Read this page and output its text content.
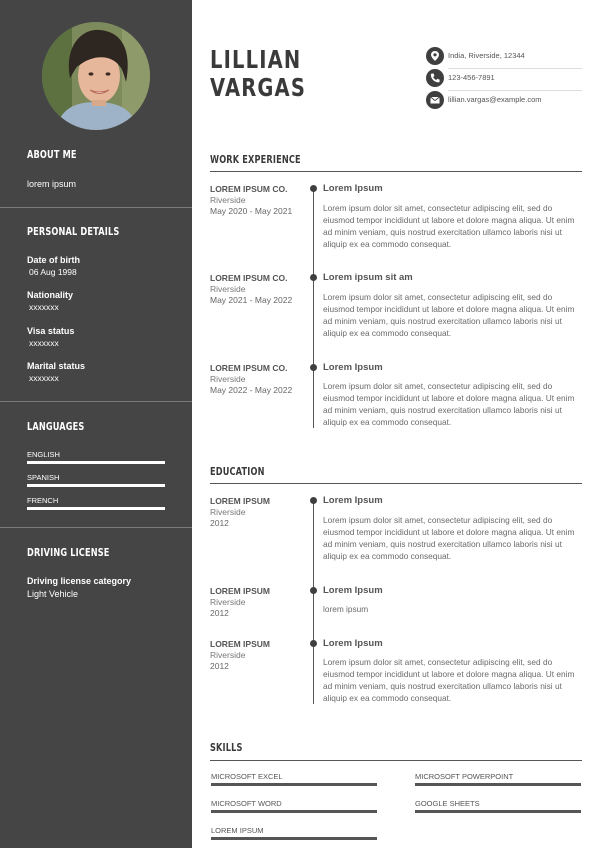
ABOUT ME
lorem ipsum
PERSONAL DETAILS
Date of birth
06 Aug 1998
Nationality
xxxxxxx
Visa status
xxxxxxx
Marital status
xxxxxxx
LANGUAGES
ENGLISH
SPANISH
FRENCH
DRIVING LICENSE
Driving license category
Light Vehicle
LILLIAN
VARGAS
India, Riverside, 12344
123-456-7891
lillian.vargas@example.com
WORK EXPERIENCE
LOREM IPSUM CO.
Riverside
May 2020 - May 2021
Lorem Ipsum
Lorem ipsum dolor sit amet, consectetur adipiscing elit, sed do eiusmod tempor incididunt ut labore et dolore magna aliqua. Ut enim ad minim veniam, quis nostrud exercitation ullamco laboris nisi ut aliquip ex ea commodo consequat.
LOREM IPSUM CO.
Riverside
May 2021 - May 2022
Lorem ipsum sit am
Lorem ipsum dolor sit amet, consectetur adipiscing elit, sed do eiusmod tempor incididunt ut labore et dolore magna aliqua. Ut enim ad minim veniam, quis nostrud exercitation ullamco laboris nisi ut aliquip ex ea commodo consequat.
LOREM IPSUM CO.
Riverside
May 2022 - May 2022
Lorem Ipsum
Lorem ipsum dolor sit amet, consectetur adipiscing elit, sed do eiusmod tempor incididunt ut labore et dolore magna aliqua. Ut enim ad minim veniam, quis nostrud exercitation ullamco laboris nisi ut aliquip ex ea commodo consequat.
EDUCATION
LOREM IPSUM
Riverside
2012
Lorem Ipsum
Lorem ipsum dolor sit amet, consectetur adipiscing elit, sed do eiusmod tempor incididunt ut labore et dolore magna aliqua. Ut enim ad minim veniam, quis nostrud exercitation ullamco laboris nisi ut aliquip ex ea commodo consequat.
LOREM IPSUM
Riverside
2012
Lorem Ipsum
lorem ipsum
LOREM IPSUM
Riverside
2012
Lorem Ipsum
Lorem ipsum dolor sit amet, consectetur adipiscing elit, sed do eiusmod tempor incididunt ut labore et dolore magna aliqua. Ut enim ad minim veniam, quis nostrud exercitation ullamco laboris nisi ut aliquip ex ea commodo consequat.
SKILLS
MICROSOFT EXCEL	MICROSOFT POWERPOINT
MICROSOFT WORD	GOOGLE SHEETS
LOREM IPSUM
